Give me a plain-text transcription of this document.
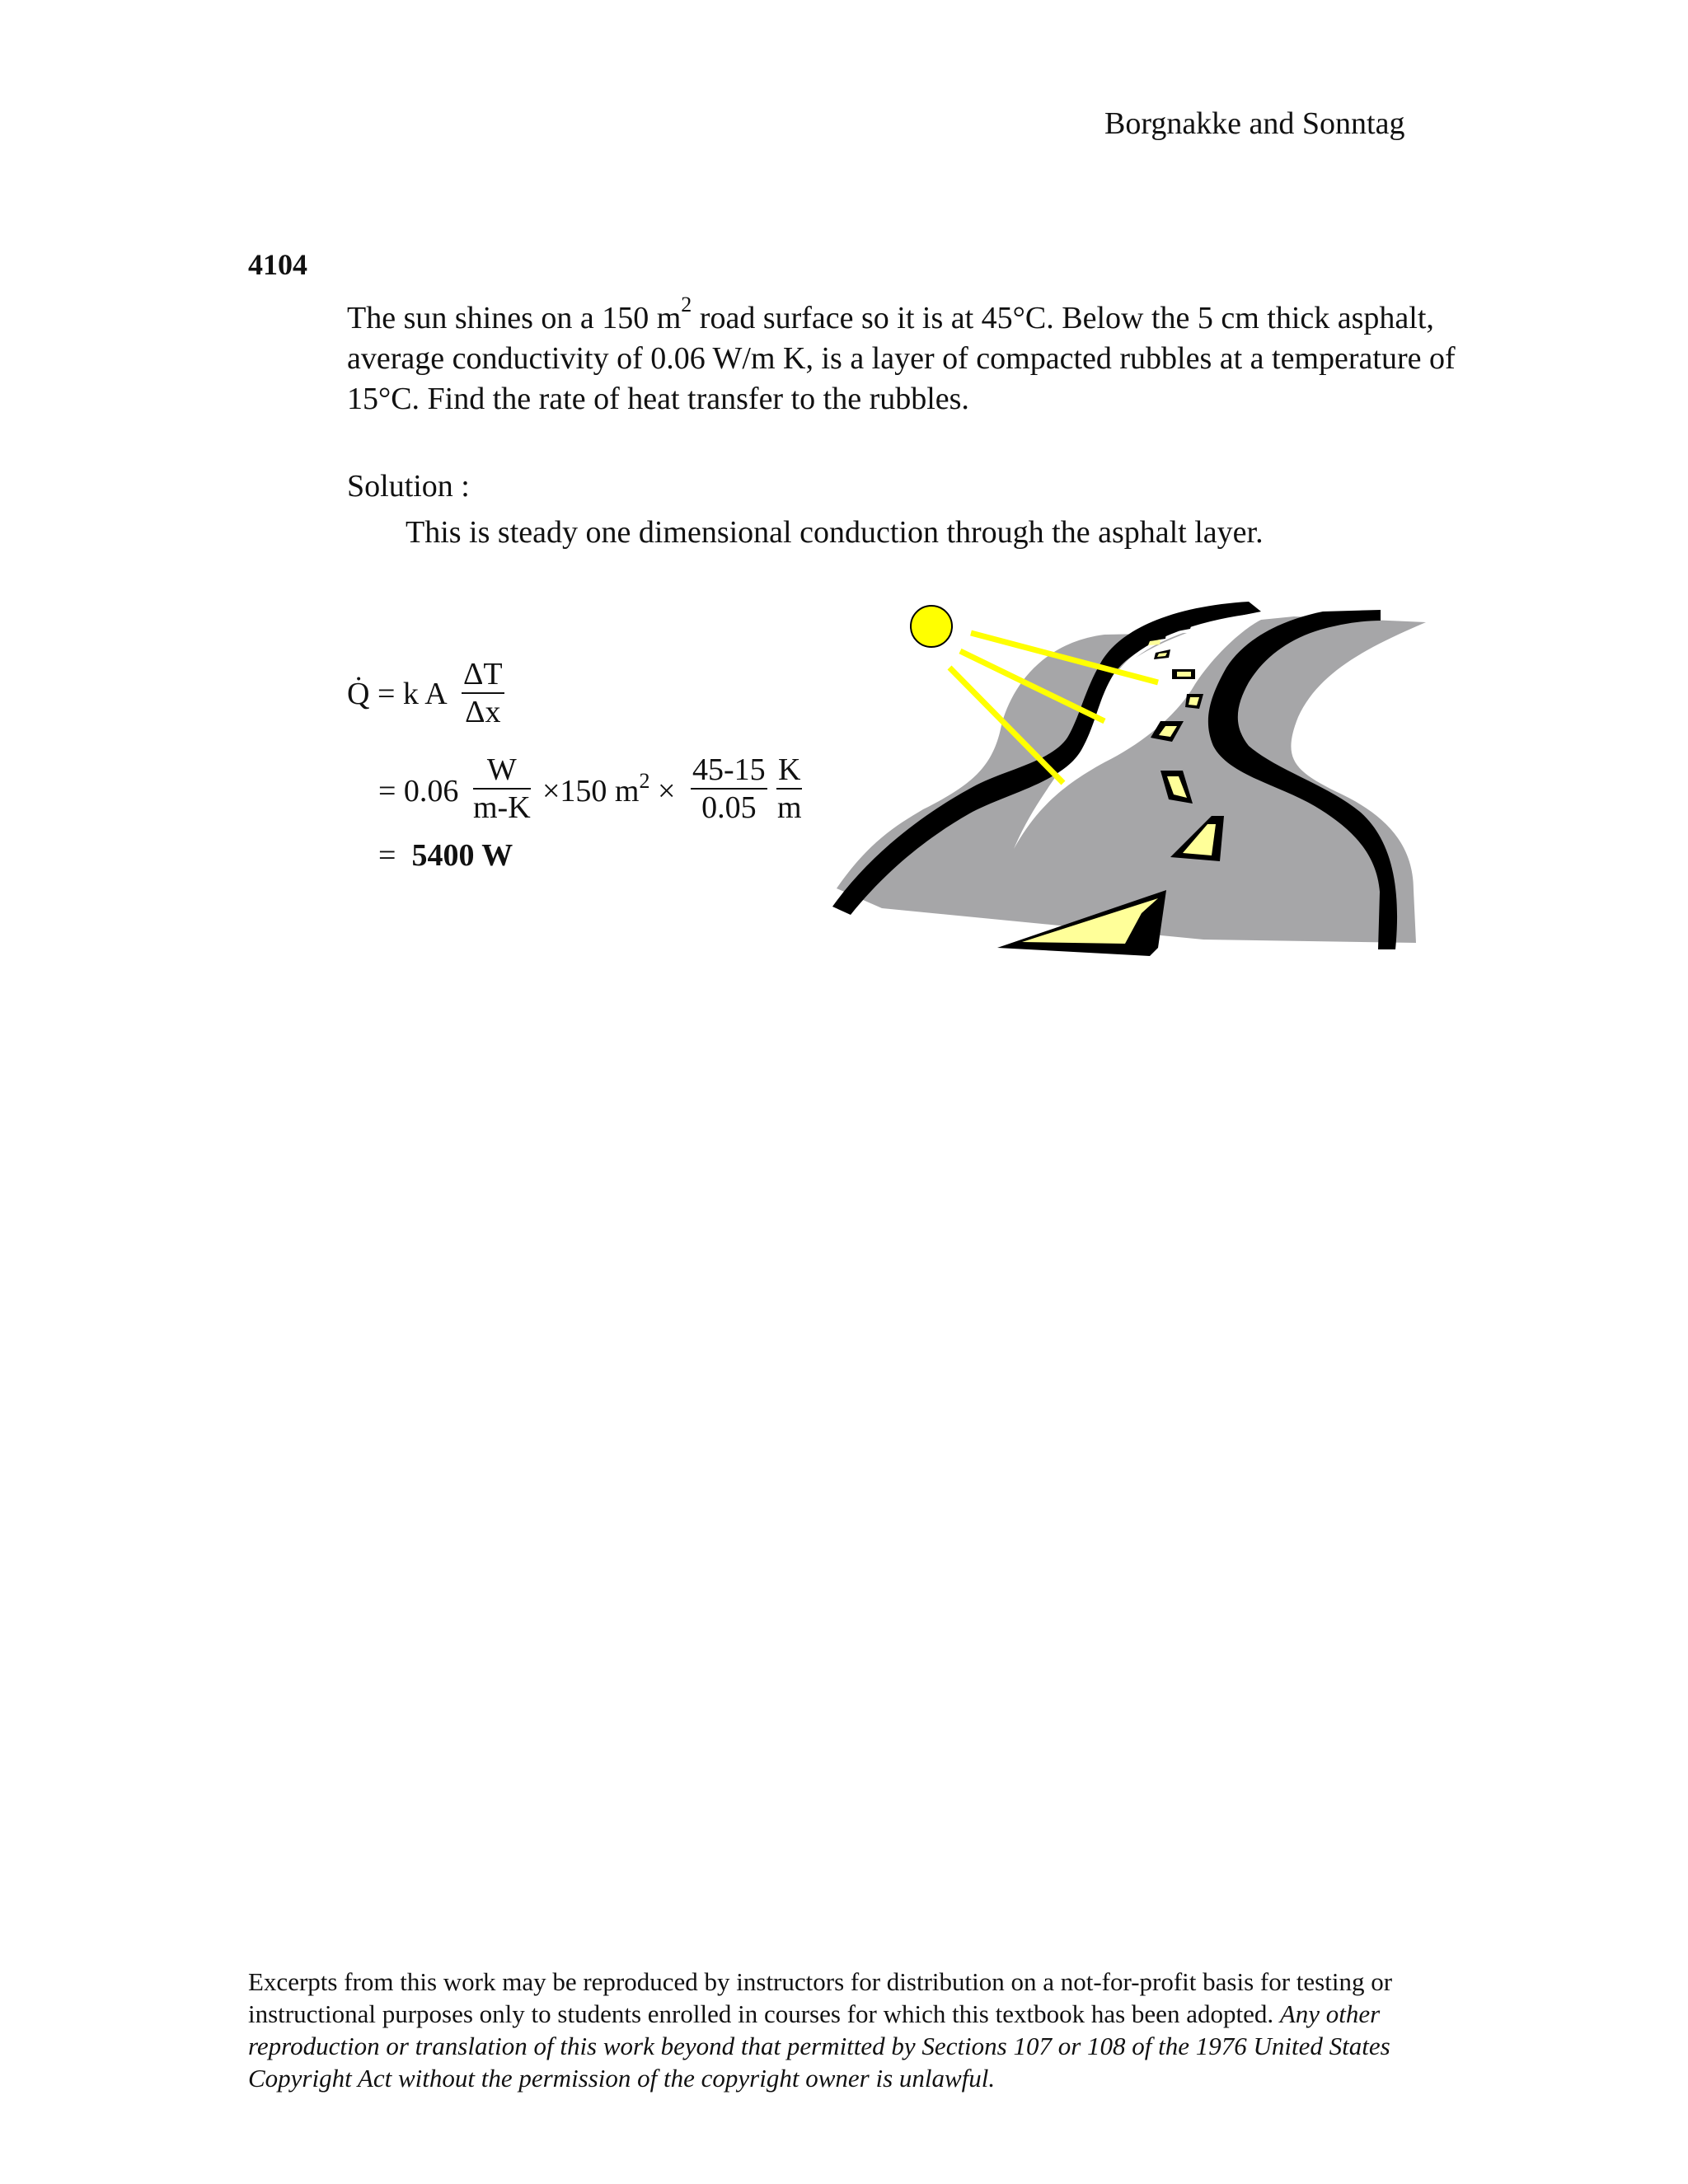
Borgnakke and Sonntag
4104
The sun shines on a 150 $m^2$ road surface so it is at 45°C. Below the 5 cm thick asphalt, average conductivity of 0.06 W/m K, is a layer of compacted rubbles at a temperature of 15°C. Find the rate of heat transfer to the rubbles.
Solution :
This is steady one dimensional conduction through the asphalt layer.
Q̇ = k A $\frac{\Delta T}{\Delta x}$
= $0.06 \frac{W}{m-K} \times 150$ $m^2 \times \frac{45-15}{0.05} \frac{K}{m}$
= 5400 W
Excerpts from this work may be reproduced by instructors for distribution on a not-for-profit basis for testing or instructional purposes only to students enrolled in courses for which this textbook has been adopted. Any other reproduction or translation of this work beyond that permitted by Sections 107 or 108 of the 1976 United States Copyright Act without the permission of the copyright owner is unlawful.
